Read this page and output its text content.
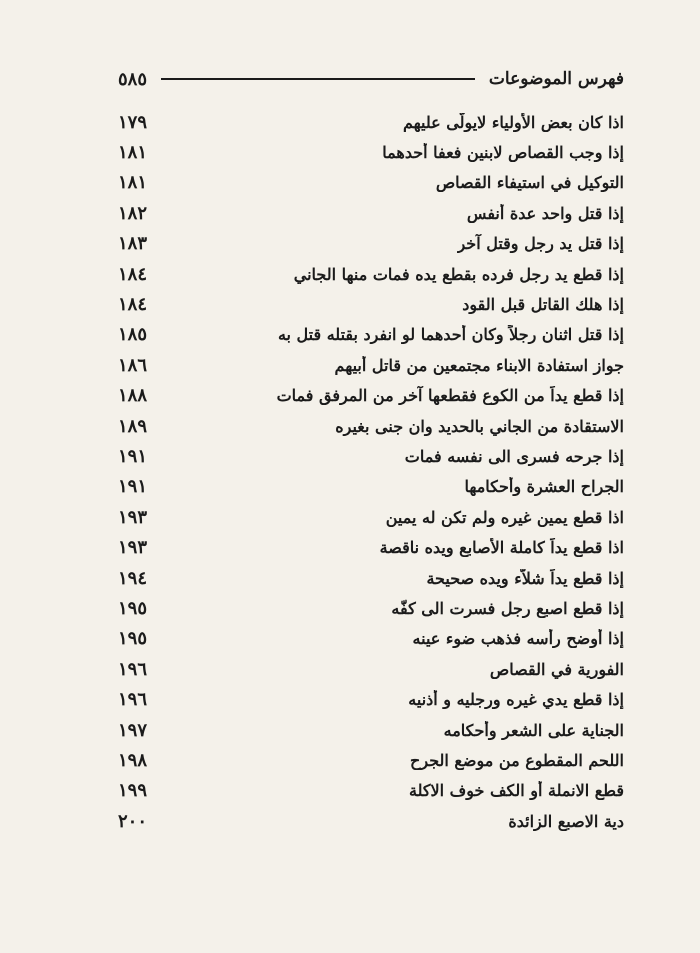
فهرس الموضوعات
٥٨٥
اذا كان بعض الأولياء لايولّى عليهم
١٧٩
إذا وجب القصاص لابنين فعفا أحدهما
١٨١
التوكيل في استيفاء القصاص
١٨١
إذا قتل واحد عدة أنفس
١٨٢
إذا قتل يد رجل وقتل آخر
١٨٣
إذا قطع يد رجل فرده بقطع يده فمات منها الجاني
١٨٤
إذا هلك القاتل قبل القود
١٨٤
إذا قتل اثنان رجلاً وكان أحدهما لو انفرد بقتله قتل به
١٨٥
جواز استفادة الابناء مجتمعين من قاتل أبيهم
١٨٦
إذا قطع يداً من الكوع فقطعها آخر من المرفق فمات
١٨٨
الاستقادة من الجاني بالحديد وان جنى بغيره
١٨٩
إذا جرحه فسرى الى نفسه فمات
١٩١
الجراح العشرة وأحكامها
١٩١
اذا قطع يمين غيره ولم تكن له يمين
١٩٣
اذا قطع يداً كاملة الأصابع ويده ناقصة
١٩٣
إذا قطع يداً شلاّء ويده صحيحة
١٩٤
إذا قطع اصبع رجل فسرت الى كفّه
١٩٥
إذا أوضح رأسه فذهب ضوء عينه
١٩٥
الفورية في القصاص
١٩٦
إذا قطع يدي غيره ورجليه و أُذنيه
١٩٦
الجناية على الشعر وأحكامه
١٩٧
اللحم المقطوع من موضع الجرح
١٩٨
قطع الانملة أو الكف خوف الاكلة
١٩٩
دية الاصبع الزائدة
٢٠٠
